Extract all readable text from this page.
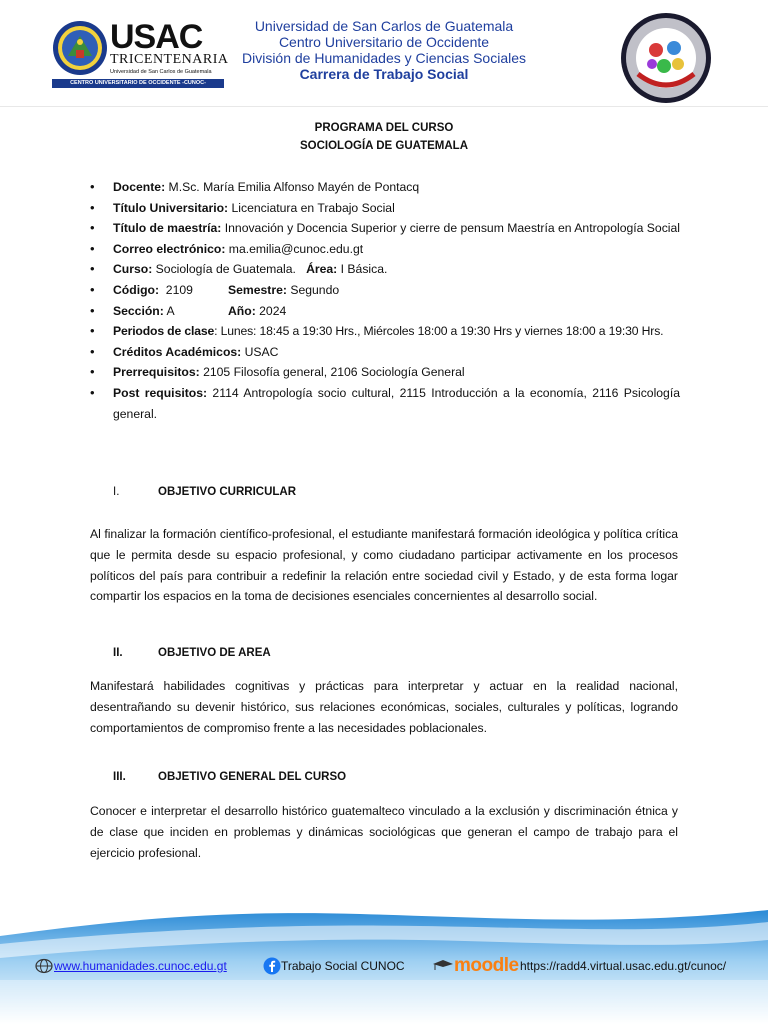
USAC
TRICENTENARIA
Universidad de San Carlos de Guatemala
CENTRO UNIVERSITARIO DE OCCIDENTE -CUNOC-
Universidad de San Carlos de Guatemala
Centro Universitario de Occidente
División de Humanidades y Ciencias Sociales
Carrera de Trabajo Social
PROGRAMA DEL CURSO
SOCIOLOGÍA DE GUATEMALA
• Docente: M.Sc. María Emilia Alfonso Mayén de Pontacq
• Título Universitario: Licenciatura en Trabajo Social
• Título de maestría: Innovación y Docencia Superior y cierre de pensum Maestría en Antropología Social
• Correo electrónico: ma.emilia@cunoc.edu.gt
• Curso: Sociología de Guatemala.   Área: I Básica.
• Código:  2109	Semestre: Segundo
• Sección: A	Año: 2024
• Periodos de clase: Lunes: 18:45 a 19:30 Hrs., Miércoles 18:00 a 19:30 Hrs y viernes 18:00 a 19:30 Hrs.
• Créditos Académicos: USAC
• Prerrequisitos: 2105 Filosofía general, 2106 Sociología General
• Post requisitos: 2114 Antropología socio cultural, 2115 Introducción a la economía, 2116 Psicología general.
I.	OBJETIVO CURRICULAR
Al finalizar la formación científico-profesional, el estudiante manifestará formación ideológica y política crítica que le permita desde su espacio profesional, y como ciudadano participar activamente en los procesos políticos del país para contribuir a redefinir la relación entre sociedad civil y Estado, y de esta forma logar compartir los espacios en la toma de decisiones esenciales concernientes al desarrollo social.
II.	OBJETIVO DE AREA
Manifestará habilidades cognitivas y prácticas para interpretar y actuar en la realidad nacional, desentrañando su devenir histórico, sus relaciones económicas, sociales, culturales y políticas, logrando comportamientos de compromiso frente a las necesidades poblacionales.
III.	OBJETIVO GENERAL DEL CURSO
Conocer e interpretar el desarrollo histórico guatemalteco vinculado a la exclusión y discriminación étnica y de clase que inciden en problemas y dinámicas sociológicas que generan el campo de trabajo para el ejercicio profesional.
www.humanidades.cunoc.edu.gt	Trabajo Social CUNOC	moodle https://radd4.virtual.usac.edu.gt/cunoc/
